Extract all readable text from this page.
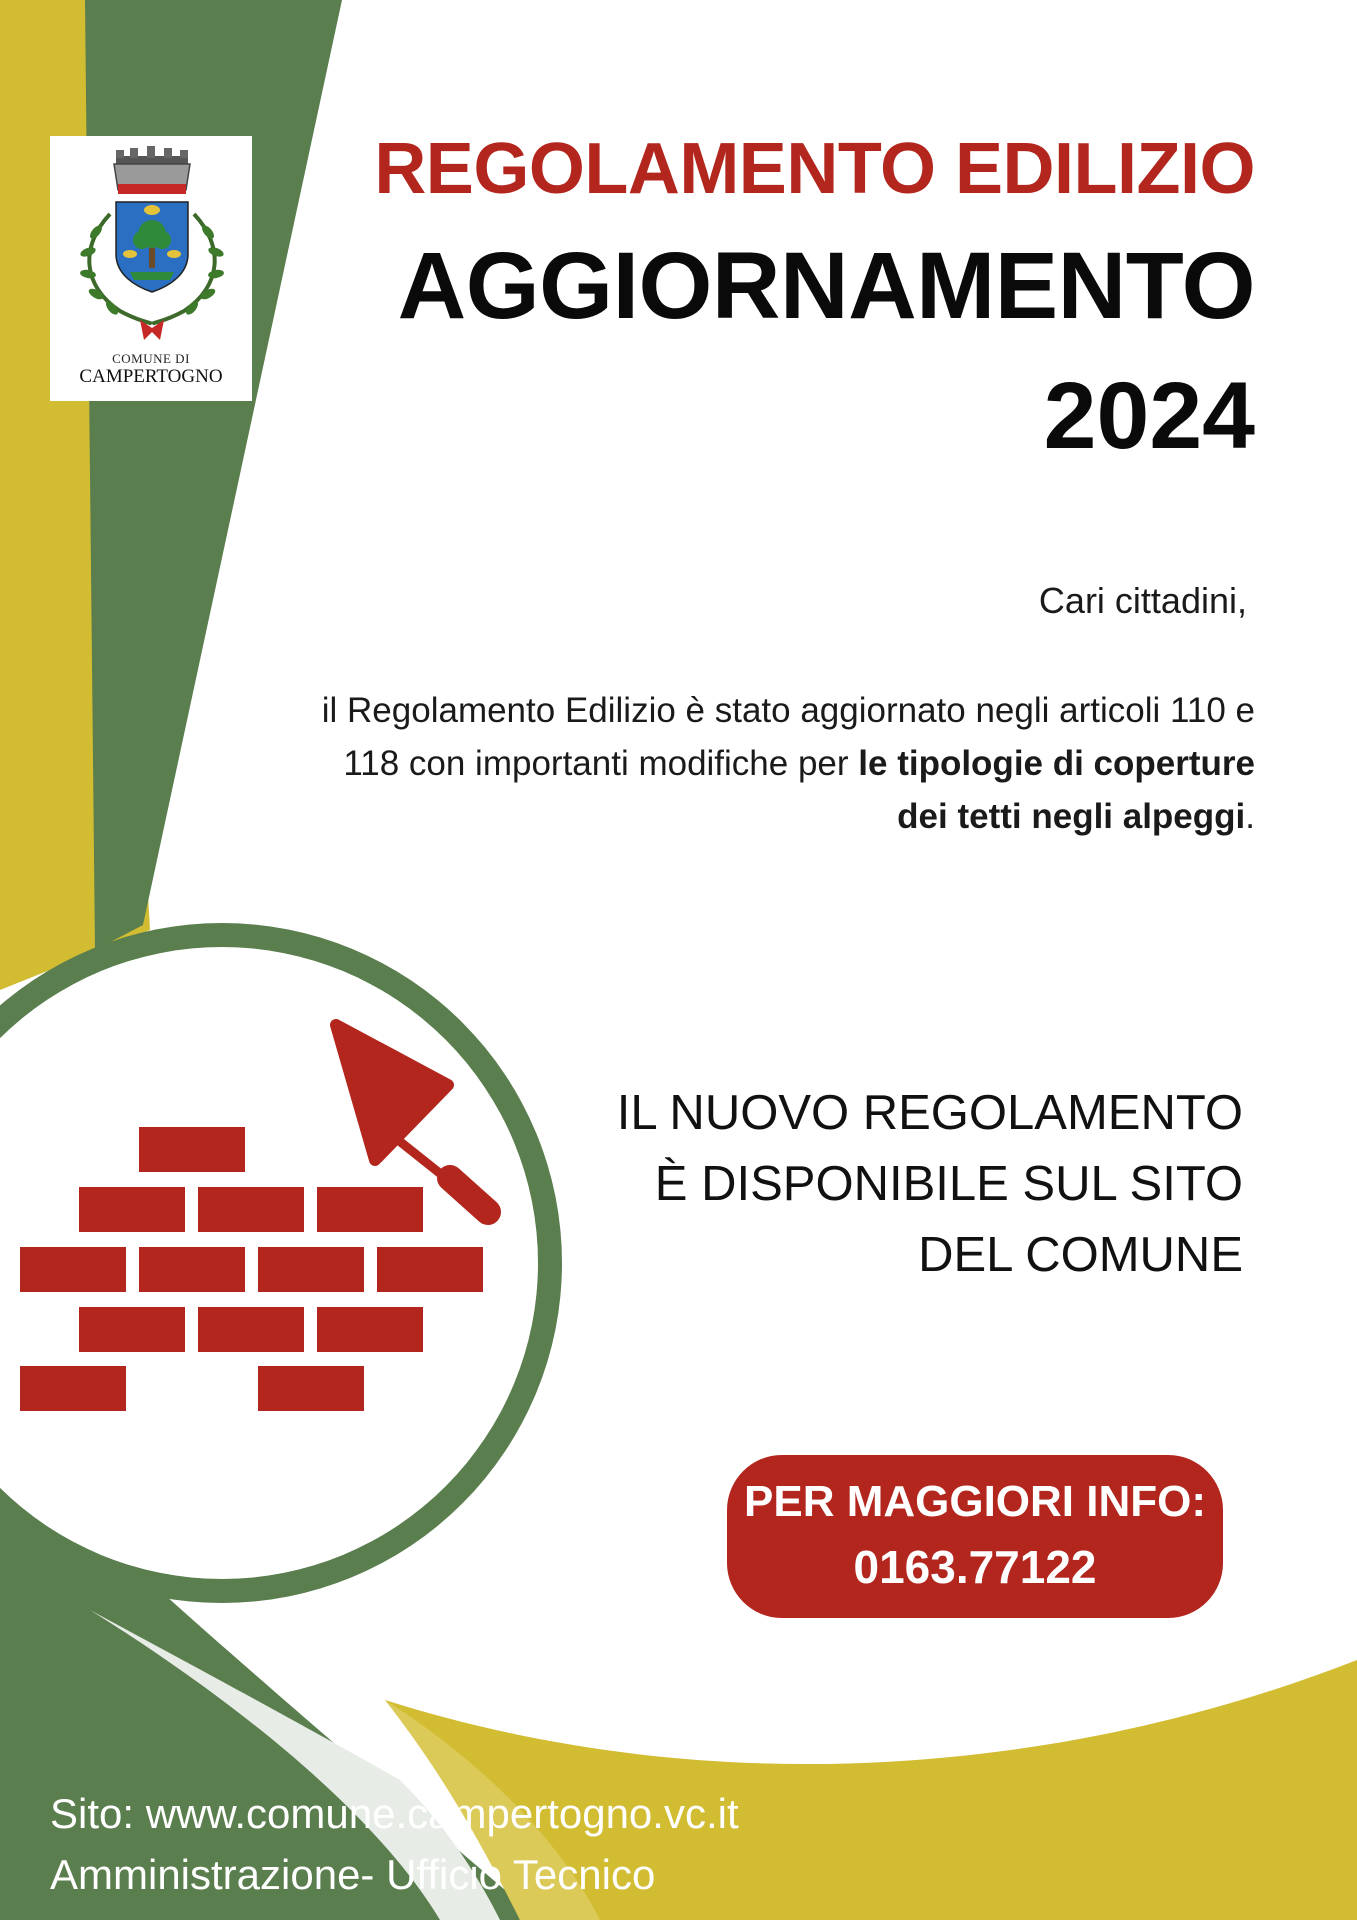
COMUNE DI
CAMPERTOGNO
REGOLAMENTO EDILIZIO
AGGIORNAMENTO
2024
Cari cittadini,
il Regolamento Edilizio è stato aggiornato negli articoli 110 e 118 con importanti modifiche per le tipologie di coperture dei tetti negli alpeggi.
IL NUOVO REGOLAMENTO
È DISPONIBILE SUL SITO
DEL COMUNE
PER MAGGIORI INFO:
0163.77122
Sito: www.comune.campertogno.vc.it
Amministrazione- Ufficio Tecnico
